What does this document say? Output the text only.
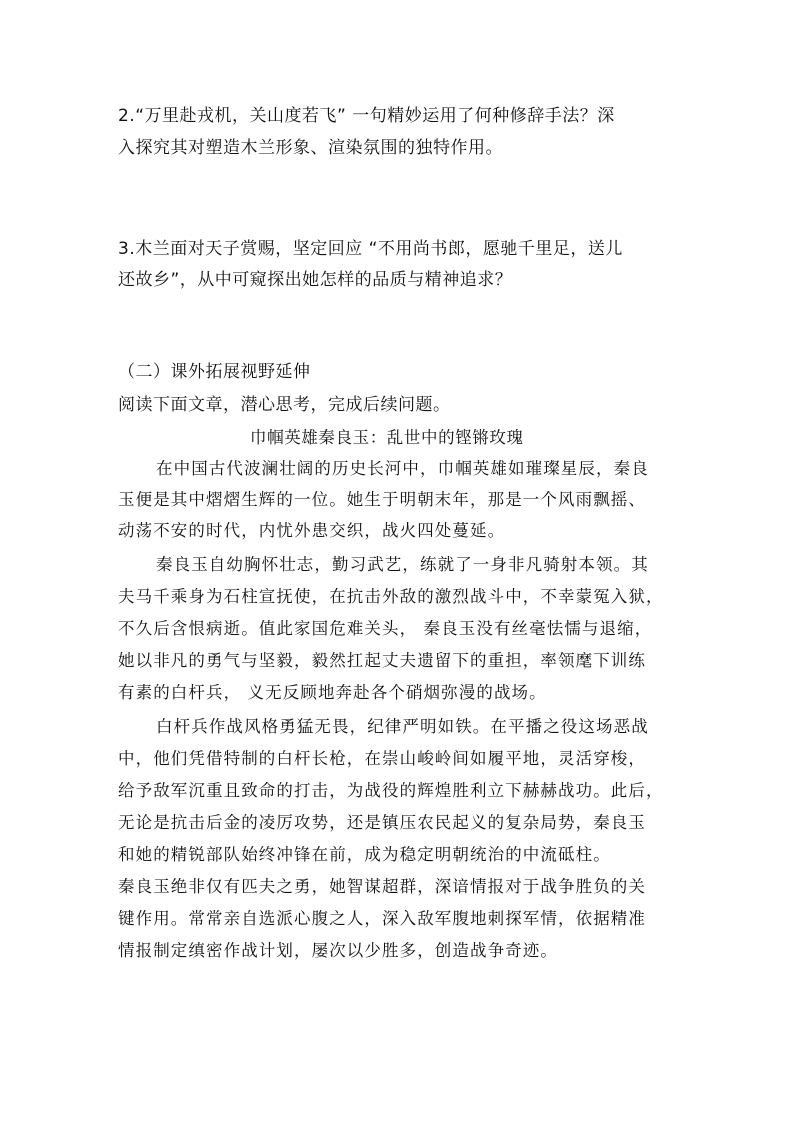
2.“万里赴戎机，关山度若飞” 一句精妙运用了何种修辞手法？深
入探究其对塑造木兰形象、渲染氛围的独特作用。
3.木兰面对天子赏赐，坚定回应 “不用尚书郎，愿驰千里足，送儿
还故乡”，从中可窥探出她怎样的品质与精神追求？
（二）课外拓展视野延伸
阅读下面文章，潜心思考，完成后续问题。
巾帼英雄秦良玉：乱世中的铿锵玫瑰
在中国古代波澜壮阔的历史长河中，巾帼英雄如璀璨星辰，秦良
玉便是其中熠熠生辉的一位。她生于明朝末年，那是一个风雨飘摇、
动荡不安的时代，内忧外患交织，战火四处蔓延。
秦良玉自幼胸怀壮志，勤习武艺，练就了一身非凡骑射本领。其
夫马千乘身为石柱宣抚使，在抗击外敌的激烈战斗中，不幸蒙冤入狱，
不久后含恨病逝。值此家国危难关头， 秦良玉没有丝毫怯懦与退缩，
她以非凡的勇气与坚毅，毅然扛起丈夫遗留下的重担，率领麾下训练
有素的白杆兵， 义无反顾地奔赴各个硝烟弥漫的战场。
白杆兵作战风格勇猛无畏，纪律严明如铁。在平播之役这场恶战
中，他们凭借特制的白杆长枪，在崇山峻岭间如履平地，灵活穿梭，
给予敌军沉重且致命的打击，为战役的辉煌胜利立下赫赫战功。此后，
无论是抗击后金的凌厉攻势，还是镇压农民起义的复杂局势，秦良玉
和她的精锐部队始终冲锋在前，成为稳定明朝统治的中流砥柱。
秦良玉绝非仅有匹夫之勇，她智谋超群，深谙情报对于战争胜负的关
键作用。常常亲自选派心腹之人，深入敌军腹地刺探军情，依据精准
情报制定缜密作战计划，屡次以少胜多，创造战争奇迹。
